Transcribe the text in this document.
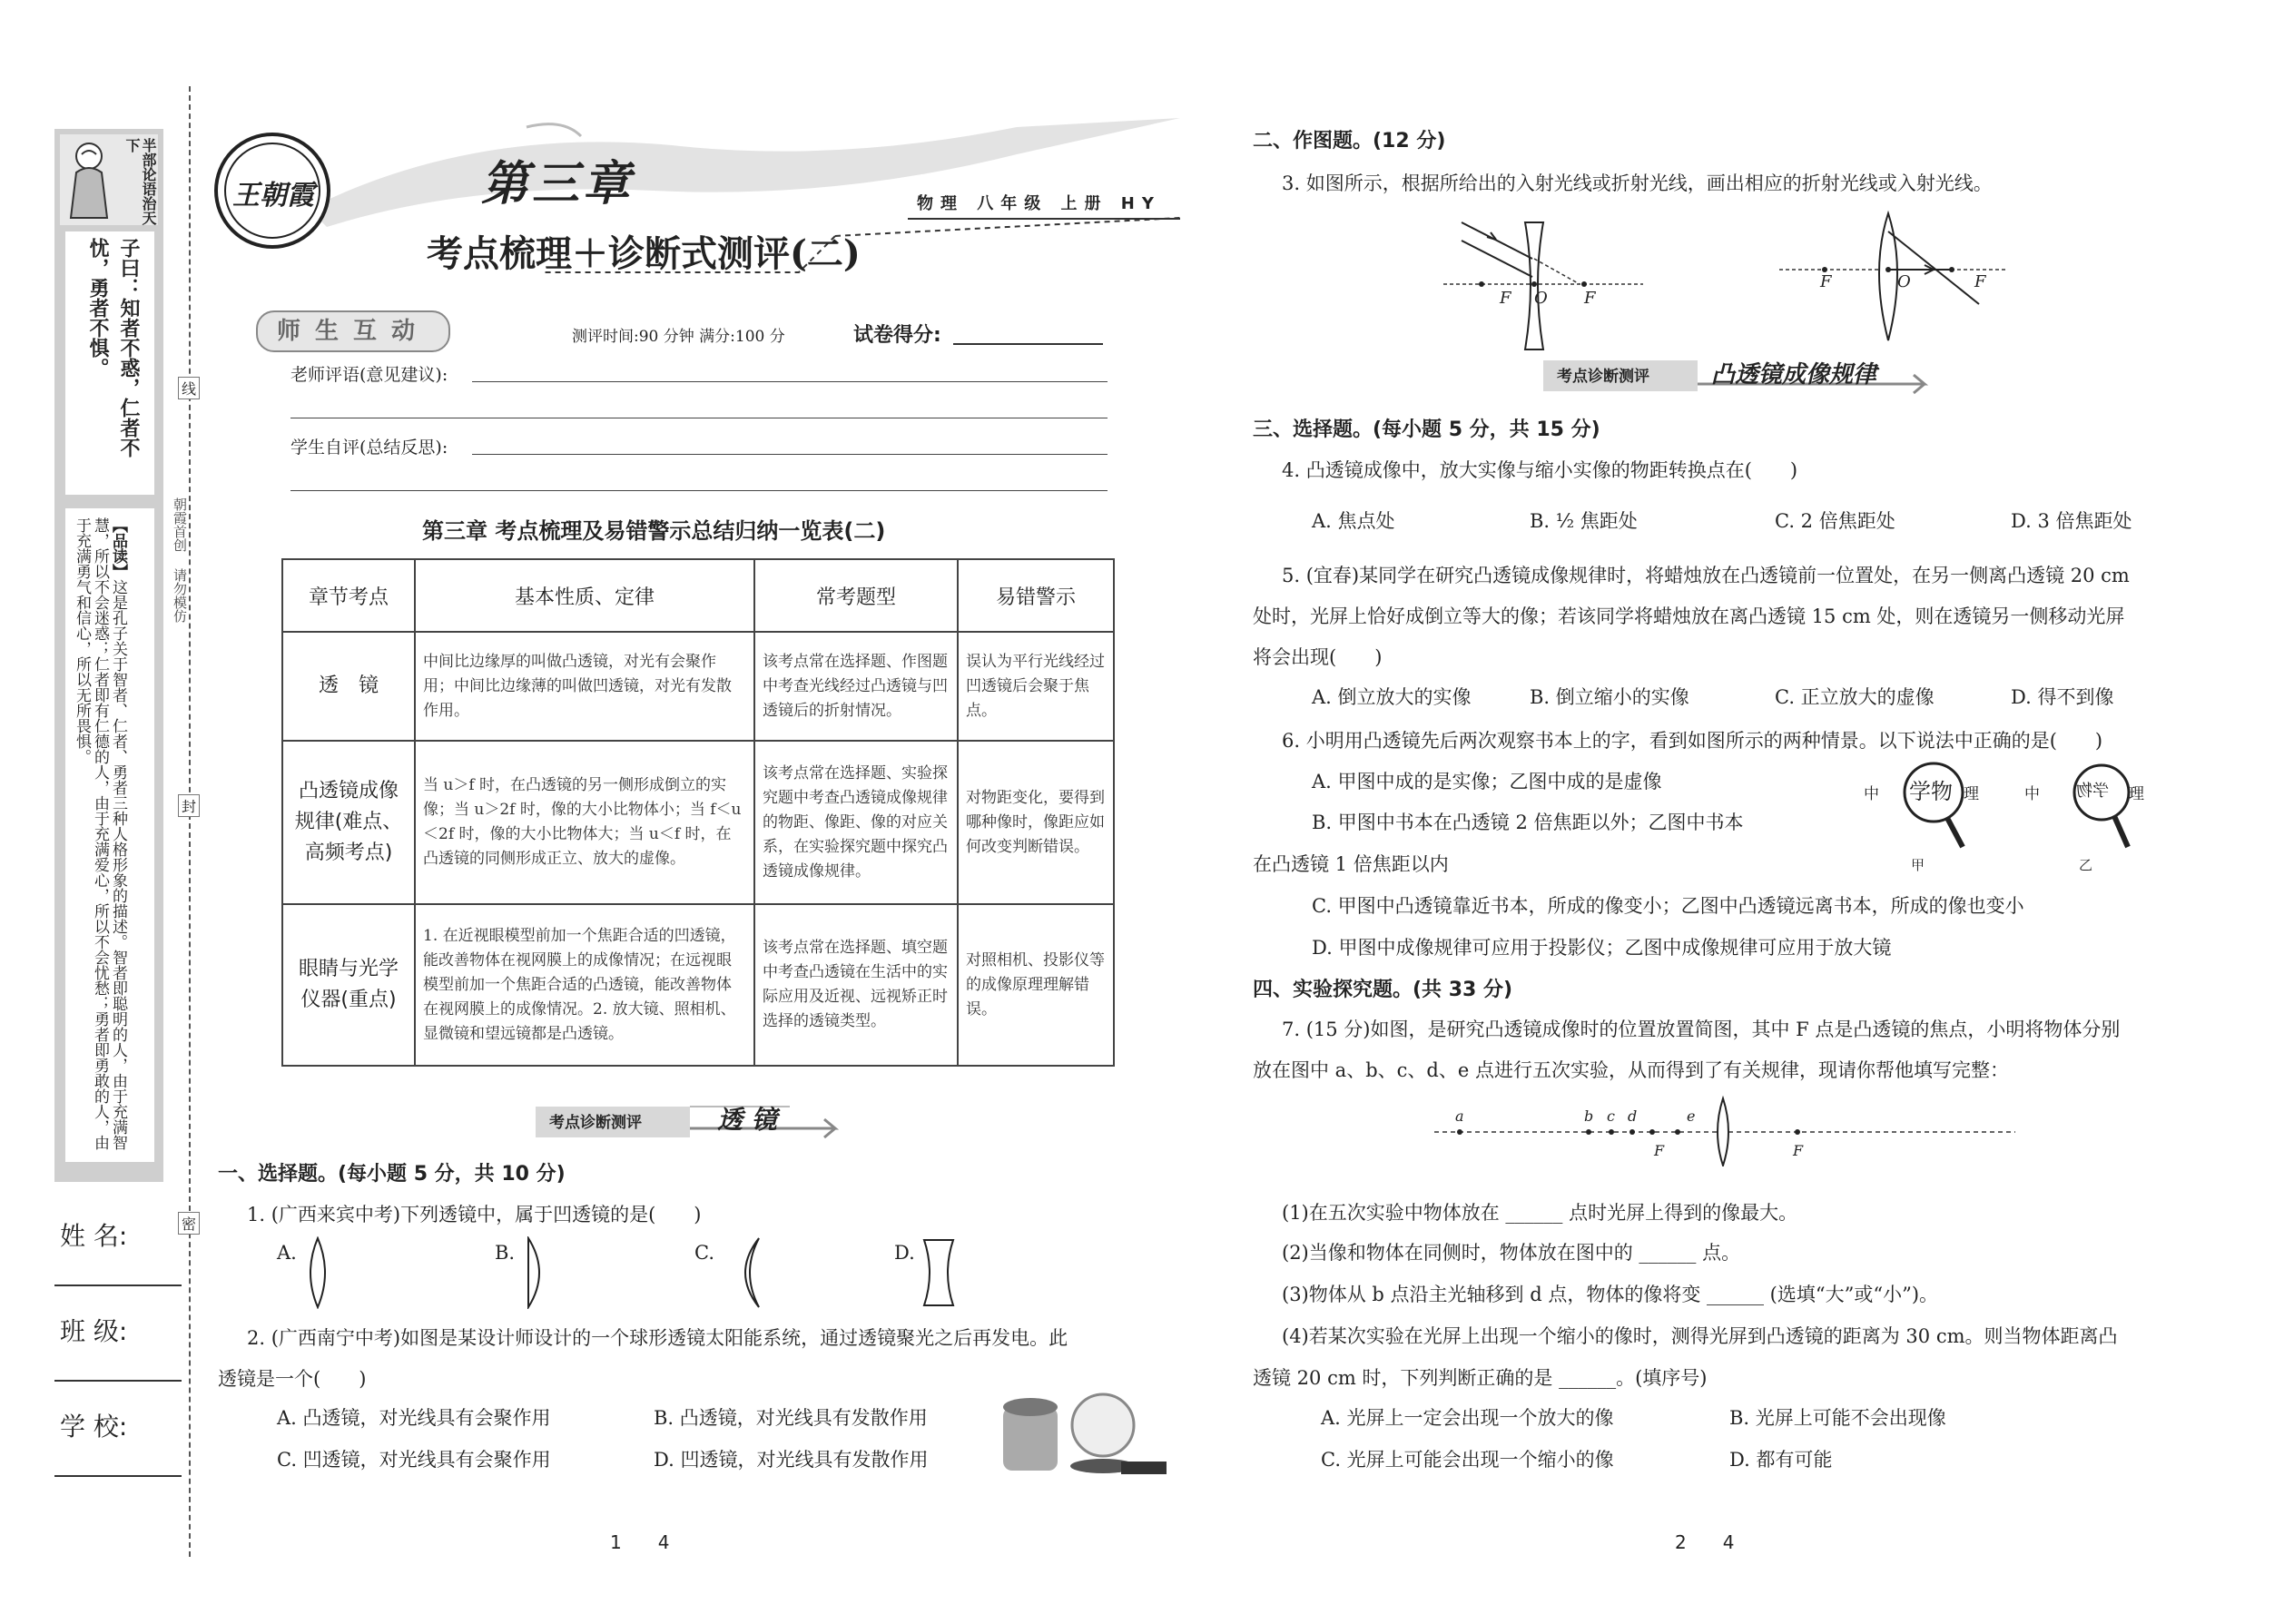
半部论语治天下
子曰：知者不惑，仁者不忧，勇者不惧。
【品读】这是孔子关于智者、仁者、勇者三种人格形象的描述。智者即聪明的人，由于充满智慧，所以不会迷惑；仁者即有仁德的人，由于充满爱心，所以不会忧愁；勇者即勇敢的人，由于充满勇气和信心，所以无所畏惧。
姓 名:
班 级:
学 校:
线
封
密
朝霞首创 请勿模仿
王朝霞	第三章
考点梳理＋诊断式测评(二)
物理 八年级 上册 HY
师生互动	测评时间:90 分钟 满分:100 分	试卷得分:
老师评语(意见建议):
学生自评(总结反思):
第三章 考点梳理及易错警示总结归纳一览表(二)
章节考点	基本性质、定律	常考题型	易错警示
透　镜	中间比边缘厚的叫做凸透镜，对光有会聚作用；中间比边缘薄的叫做凹透镜，对光有发散作用。	该考点常在选择题、作图题中考查光线经过凸透镜与凹透镜后的折射情况。	误认为平行光线经过凹透镜后会聚于焦点。
凸透镜成像规律(难点、高频考点)	当 u＞f 时，在凸透镜的另一侧形成倒立的实像；当 u＞2f 时，像的大小比物体小；当 f＜u＜2f 时，像的大小比物体大；当 u＜f 时，在凸透镜的同侧形成正立、放大的虚像。	该考点常在选择题、实验探究题中考查凸透镜成像规律的物距、像距、像的对应关系，在实验探究题中探究凸透镜成像规律。	对物距变化，要得到哪种像时，像距应如何改变判断错误。
眼睛与光学仪器(重点)	1. 在近视眼模型前加一个焦距合适的凹透镜，能改善物体在视网膜上的成像情况；在远视眼模型前加一个焦距合适的凸透镜，能改善物体在视网膜上的成像情况。2. 放大镜、照相机、显微镜和望远镜都是凸透镜。	该考点常在选择题、填空题中考查凸透镜在生活中的实际应用及近视、远视矫正时选择的透镜类型。	对照相机、投影仪等的成像原理理解错误。
考点诊断测评	透 镜
一、选择题。(每小题 5 分，共 10 分)
1. (广西来宾中考)下列透镜中，属于凹透镜的是(　　)
A.	B.	C.	D.
2. (广西南宁中考)如图是某设计师设计的一个球形透镜太阳能系统，通过透镜聚光之后再发电。此
透镜是一个(　　)
A. 凸透镜，对光线具有会聚作用	B. 凸透镜，对光线具有发散作用
C. 凹透镜，对光线具有会聚作用	D. 凹透镜，对光线具有发散作用
1　　4
二、作图题。(12 分)
3. 如图所示，根据所给出的入射光线或折射光线，画出相应的折射光线或入射光线。
F O F
F	O	F
考点诊断测评	凸透镜成像规律
三、选择题。(每小题 5 分，共 15 分)
4. 凸透镜成像中，放大实像与缩小实像的物距转换点在(　　)
A. 焦点处	B. ½ 焦距处	C. 2 倍焦距处	D. 3 倍焦距处
5. (宜春)某同学在研究凸透镜成像规律时，将蜡烛放在凸透镜前一位置处，在另一侧离凸透镜 20 cm
处时，光屏上恰好成倒立等大的像；若该同学将蜡烛放在离凸透镜 15 cm 处，则在透镜另一侧移动光屏
将会出现(　　)
A. 倒立放大的实像	B. 倒立缩小的实像	C. 正立放大的虚像	D. 得不到像
6. 小明用凸透镜先后两次观察书本上的字，看到如图所示的两种情景。以下说法中正确的是(　　)
A. 甲图中成的是实像；乙图中成的是虚像
B. 甲图中书本在凸透镜 2 倍焦距以外；乙图中书本
在凸透镜 1 倍焦距以内
C. 甲图中凸透镜靠近书本，所成的像变小；乙图中凸透镜远离书本，所成的像也变小
D. 甲图中成像规律可应用于投影仪；乙图中成像规律可应用于放大镜
中 学物 理	中 学物 理
甲	乙
四、实验探究题。(共 33 分)
7. (15 分)如图，是研究凸透镜成像时的位置放置简图，其中 F 点是凸透镜的焦点，小明将物体分别
放在图中 a、b、c、d、e 点进行五次实验，从而得到了有关规律，现请你帮他填写完整：
a	b c d	e
F	F
(1)在五次实验中物体放在 ______ 点时光屏上得到的像最大。
(2)当像和物体在同侧时，物体放在图中的 ______ 点。
(3)物体从 b 点沿主光轴移到 d 点，物体的像将变 ______ (选填“大”或“小”)。
(4)若某次实验在光屏上出现一个缩小的像时，测得光屏到凸透镜的距离为 30 cm。则当物体距离凸
透镜 20 cm 时，下列判断正确的是 ______。(填序号)
A. 光屏上一定会出现一个放大的像	B. 光屏上可能不会出现像
C. 光屏上可能会出现一个缩小的像	D. 都有可能
2　　4
